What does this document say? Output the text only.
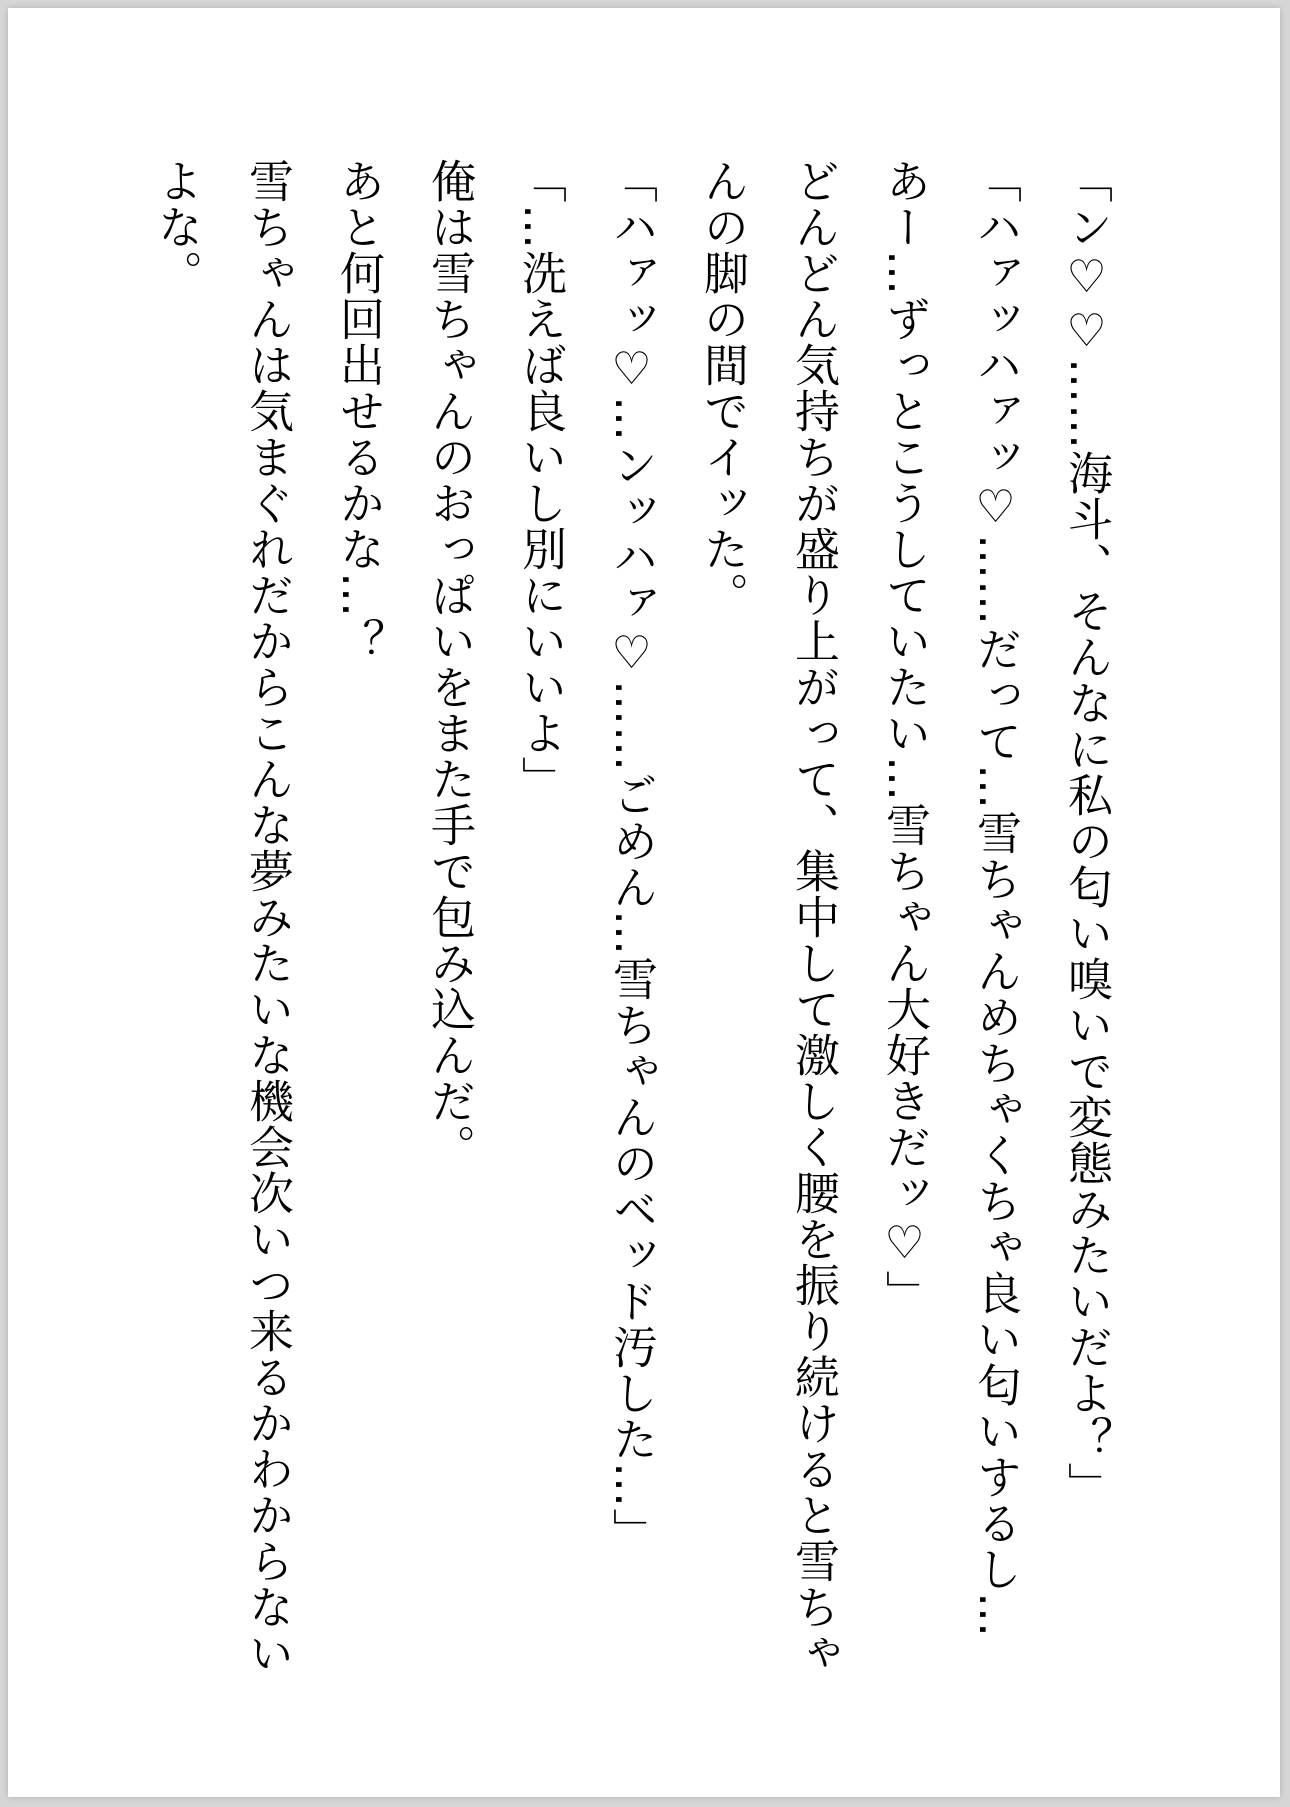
「ン♡♡……海斗、そんなに私の匂い嗅いで変態みたいだよ？」
「ハァッハァッ♡……だって…雪ちゃんめちゃくちゃ良い匂いするし…
あー…ずっとこうしていたい…雪ちゃん大好きだッ♡」
どんどん気持ちが盛り上がって、集中して激しく腰を振り続けると雪ちゃんの脚の間でイッた。
「ハァッ♡…ンッハァ♡……ごめん…雪ちゃんのベッド汚した…」
「…洗えば良いし別にいいよ」
俺は雪ちゃんのおっぱいをまた手で包み込んだ。
あと何回出せるかな…？
雪ちゃんは気まぐれだからこんな夢みたいな機会次いつ来るかわからないよな。
